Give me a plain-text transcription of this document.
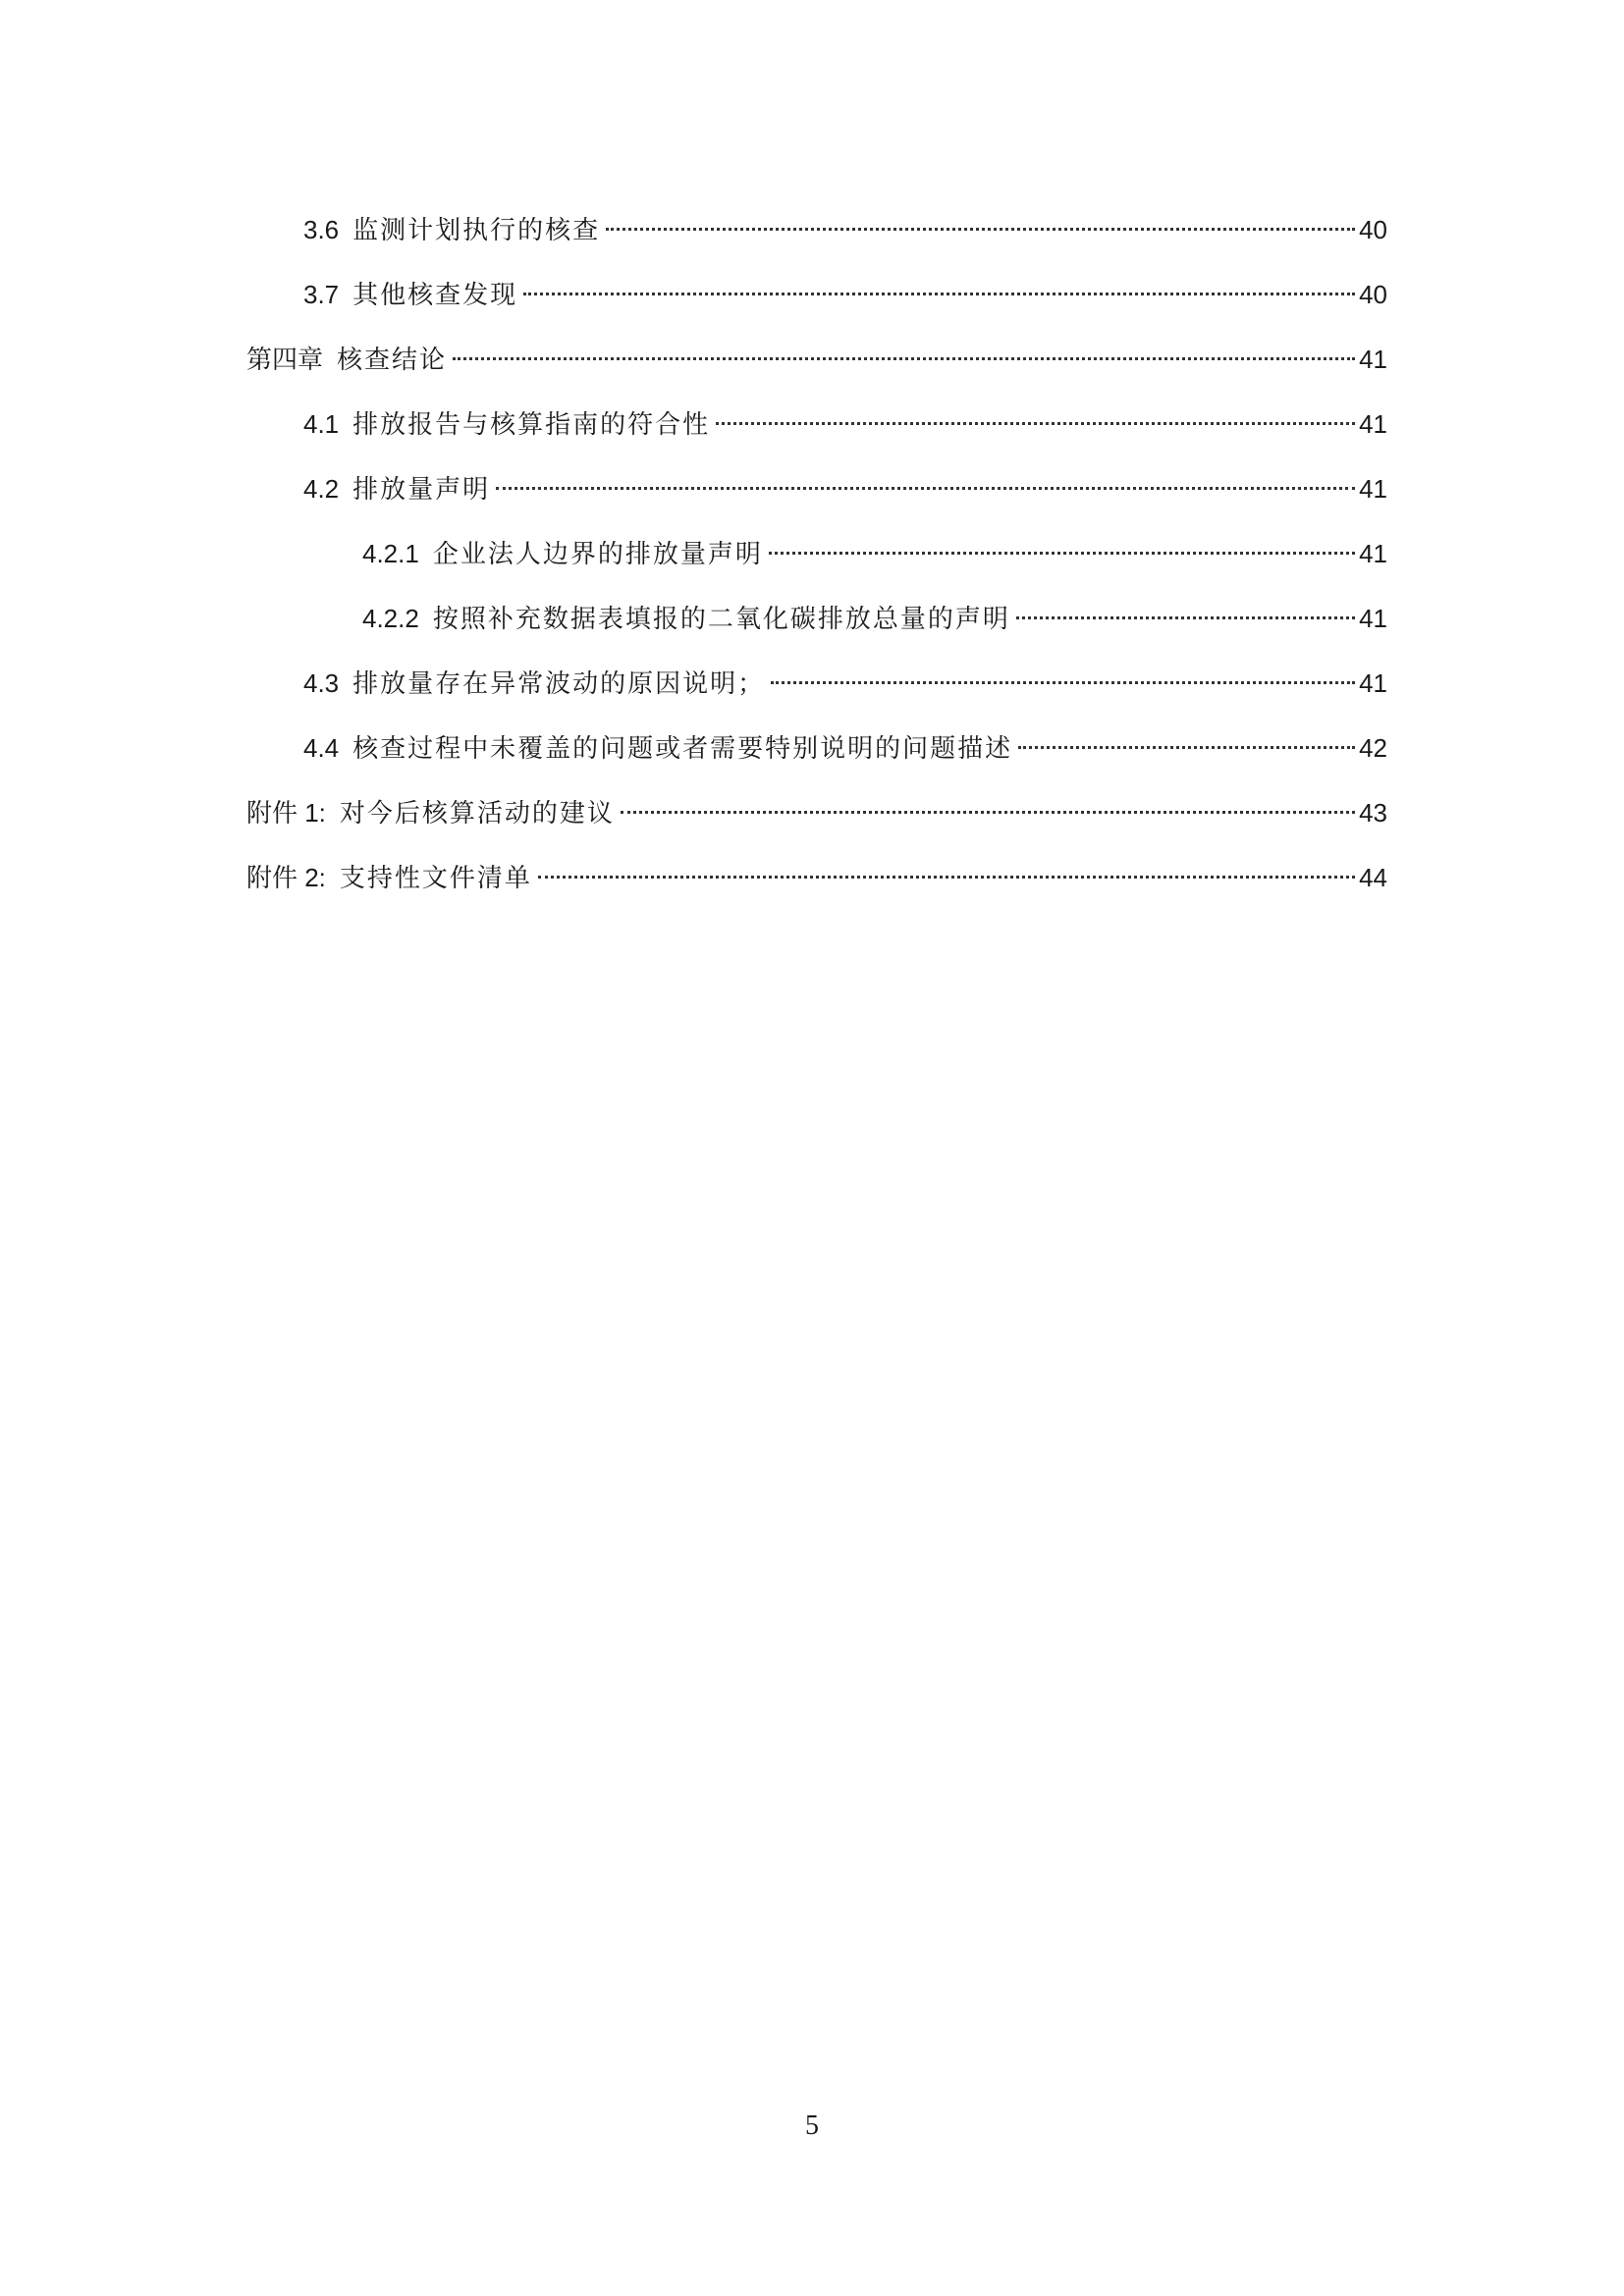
3.6 监测计划执行的核查	40
3.7 其他核查发现	40
第四章 核查结论	41
4.1 排放报告与核算指南的符合性	41
4.2 排放量声明	41
4.2.1 企业法人边界的排放量声明	41
4.2.2 按照补充数据表填报的二氧化碳排放总量的声明	41
4.3 排放量存在异常波动的原因说明；	41
4.4 核查过程中未覆盖的问题或者需要特别说明的问题描述	42
附件 1: 对今后核算活动的建议	43
附件 2: 支持性文件清单	44
5
